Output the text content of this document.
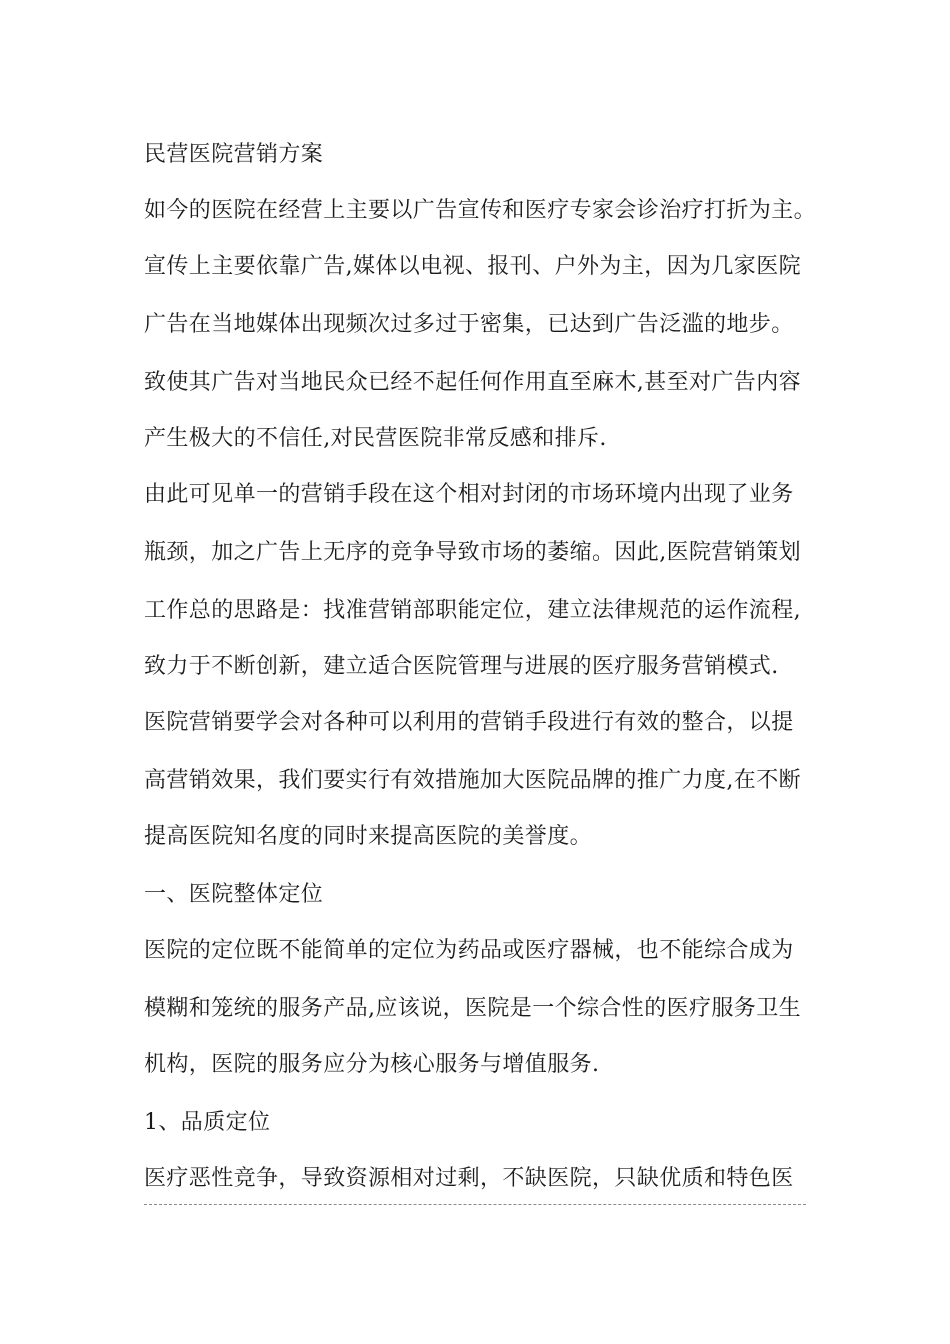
民营医院营销方案
如今的医院在经营上主要以广告宣传和医疗专家会诊治疗打折为主。
宣传上主要依靠广告,媒体以电视、报刊、户外为主，因为几家医院
广告在当地媒体出现频次过多过于密集，已达到广告泛滥的地步。
致使其广告对当地民众已经不起任何作用直至麻木,甚至对广告内容
产生极大的不信任,对民营医院非常反感和排斥.
由此可见单一的营销手段在这个相对封闭的市场环境内出现了业务
瓶颈，加之广告上无序的竞争导致市场的萎缩。因此,医院营销策划
工作总的思路是：找准营销部职能定位，建立法律规范的运作流程,
致力于不断创新，建立适合医院管理与进展的医疗服务营销模式.
医院营销要学会对各种可以利用的营销手段进行有效的整合，以提
高营销效果，我们要实行有效措施加大医院品牌的推广力度,在不断
提高医院知名度的同时来提高医院的美誉度。
一、医院整体定位
医院的定位既不能简单的定位为药品或医疗器械，也不能综合成为
模糊和笼统的服务产品,应该说，医院是一个综合性的医疗服务卫生
机构，医院的服务应分为核心服务与增值服务.
1、品质定位
医疗恶性竞争，导致资源相对过剩，不缺医院，只缺优质和特色医
